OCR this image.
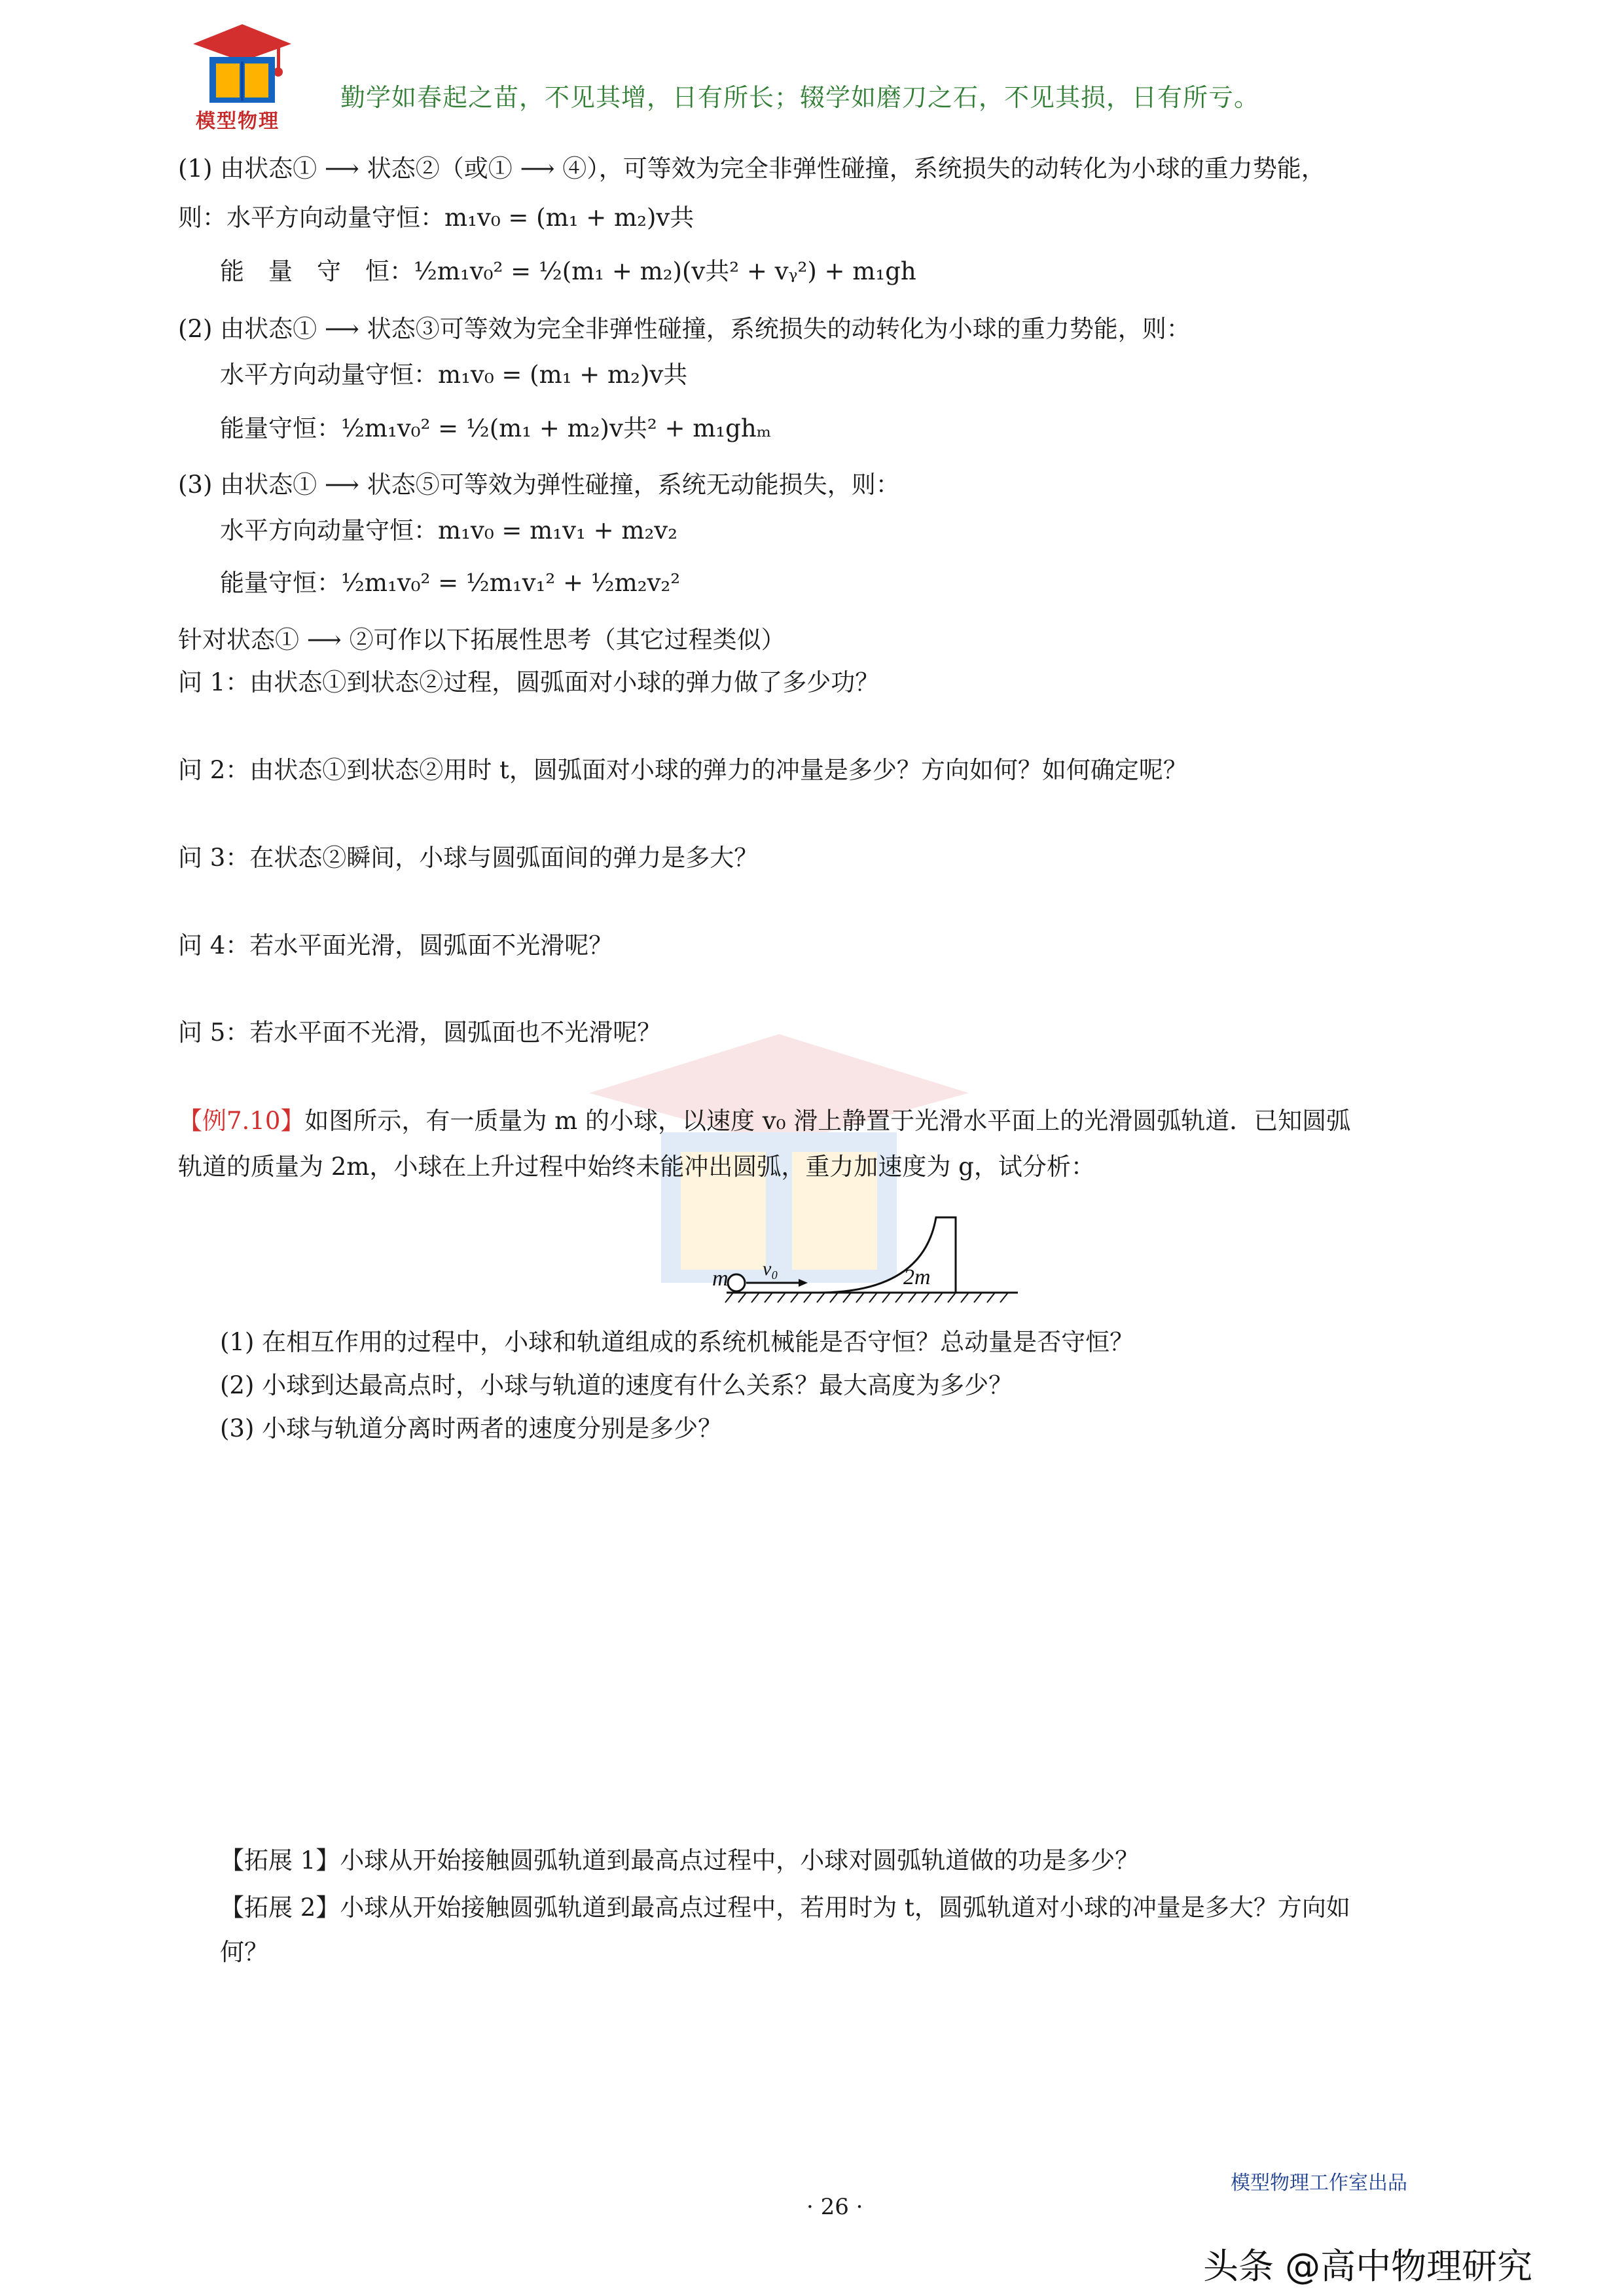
模型物理
勤学如春起之苗，不见其增，日有所长；辍学如磨刀之石，不见其损，日有所亏。
(1) 由状态① ⟶ 状态②（或① ⟶ ④），可等效为完全非弹性碰撞，系统损失的动转化为小球的重力势能，
则：水平方向动量守恒：m₁v₀ = (m₁ + m₂)v共
能　量　守　恒：½m₁v₀² = ½(m₁ + m₂)(v共² + vᵧ²) + m₁gh
(2) 由状态① ⟶ 状态③可等效为完全非弹性碰撞，系统损失的动转化为小球的重力势能，则：
水平方向动量守恒：m₁v₀ = (m₁ + m₂)v共
能量守恒：½m₁v₀² = ½(m₁ + m₂)v共² + m₁ghₘ
(3) 由状态① ⟶ 状态⑤可等效为弹性碰撞，系统无动能损失，则：
水平方向动量守恒：m₁v₀ = m₁v₁ + m₂v₂
能量守恒：½m₁v₀² = ½m₁v₁² + ½m₂v₂²
针对状态① ⟶ ②可作以下拓展性思考（其它过程类似）
问 1：由状态①到状态②过程，圆弧面对小球的弹力做了多少功？
问 2：由状态①到状态②用时 t，圆弧面对小球的弹力的冲量是多少？方向如何？如何确定呢？
问 3：在状态②瞬间，小球与圆弧面间的弹力是多大？
问 4：若水平面光滑，圆弧面不光滑呢？
问 5：若水平面不光滑，圆弧面也不光滑呢？
【例7.10】如图所示，有一质量为 m 的小球，以速度 v₀ 滑上静置于光滑水平面上的光滑圆弧轨道．已知圆弧
轨道的质量为 2m，小球在上升过程中始终未能冲出圆弧，重力加速度为 g，试分析：
m v₀	2m
(1) 在相互作用的过程中，小球和轨道组成的系统机械能是否守恒？总动量是否守恒？
(2) 小球到达最高点时，小球与轨道的速度有什么关系？最大高度为多少？
(3) 小球与轨道分离时两者的速度分别是多少？
【拓展 1】小球从开始接触圆弧轨道到最高点过程中，小球对圆弧轨道做的功是多少？
【拓展 2】小球从开始接触圆弧轨道到最高点过程中，若用时为 t，圆弧轨道对小球的冲量是多大？方向如
何？
模型物理工作室出品
· 26 ·
头条 @高中物理研究
